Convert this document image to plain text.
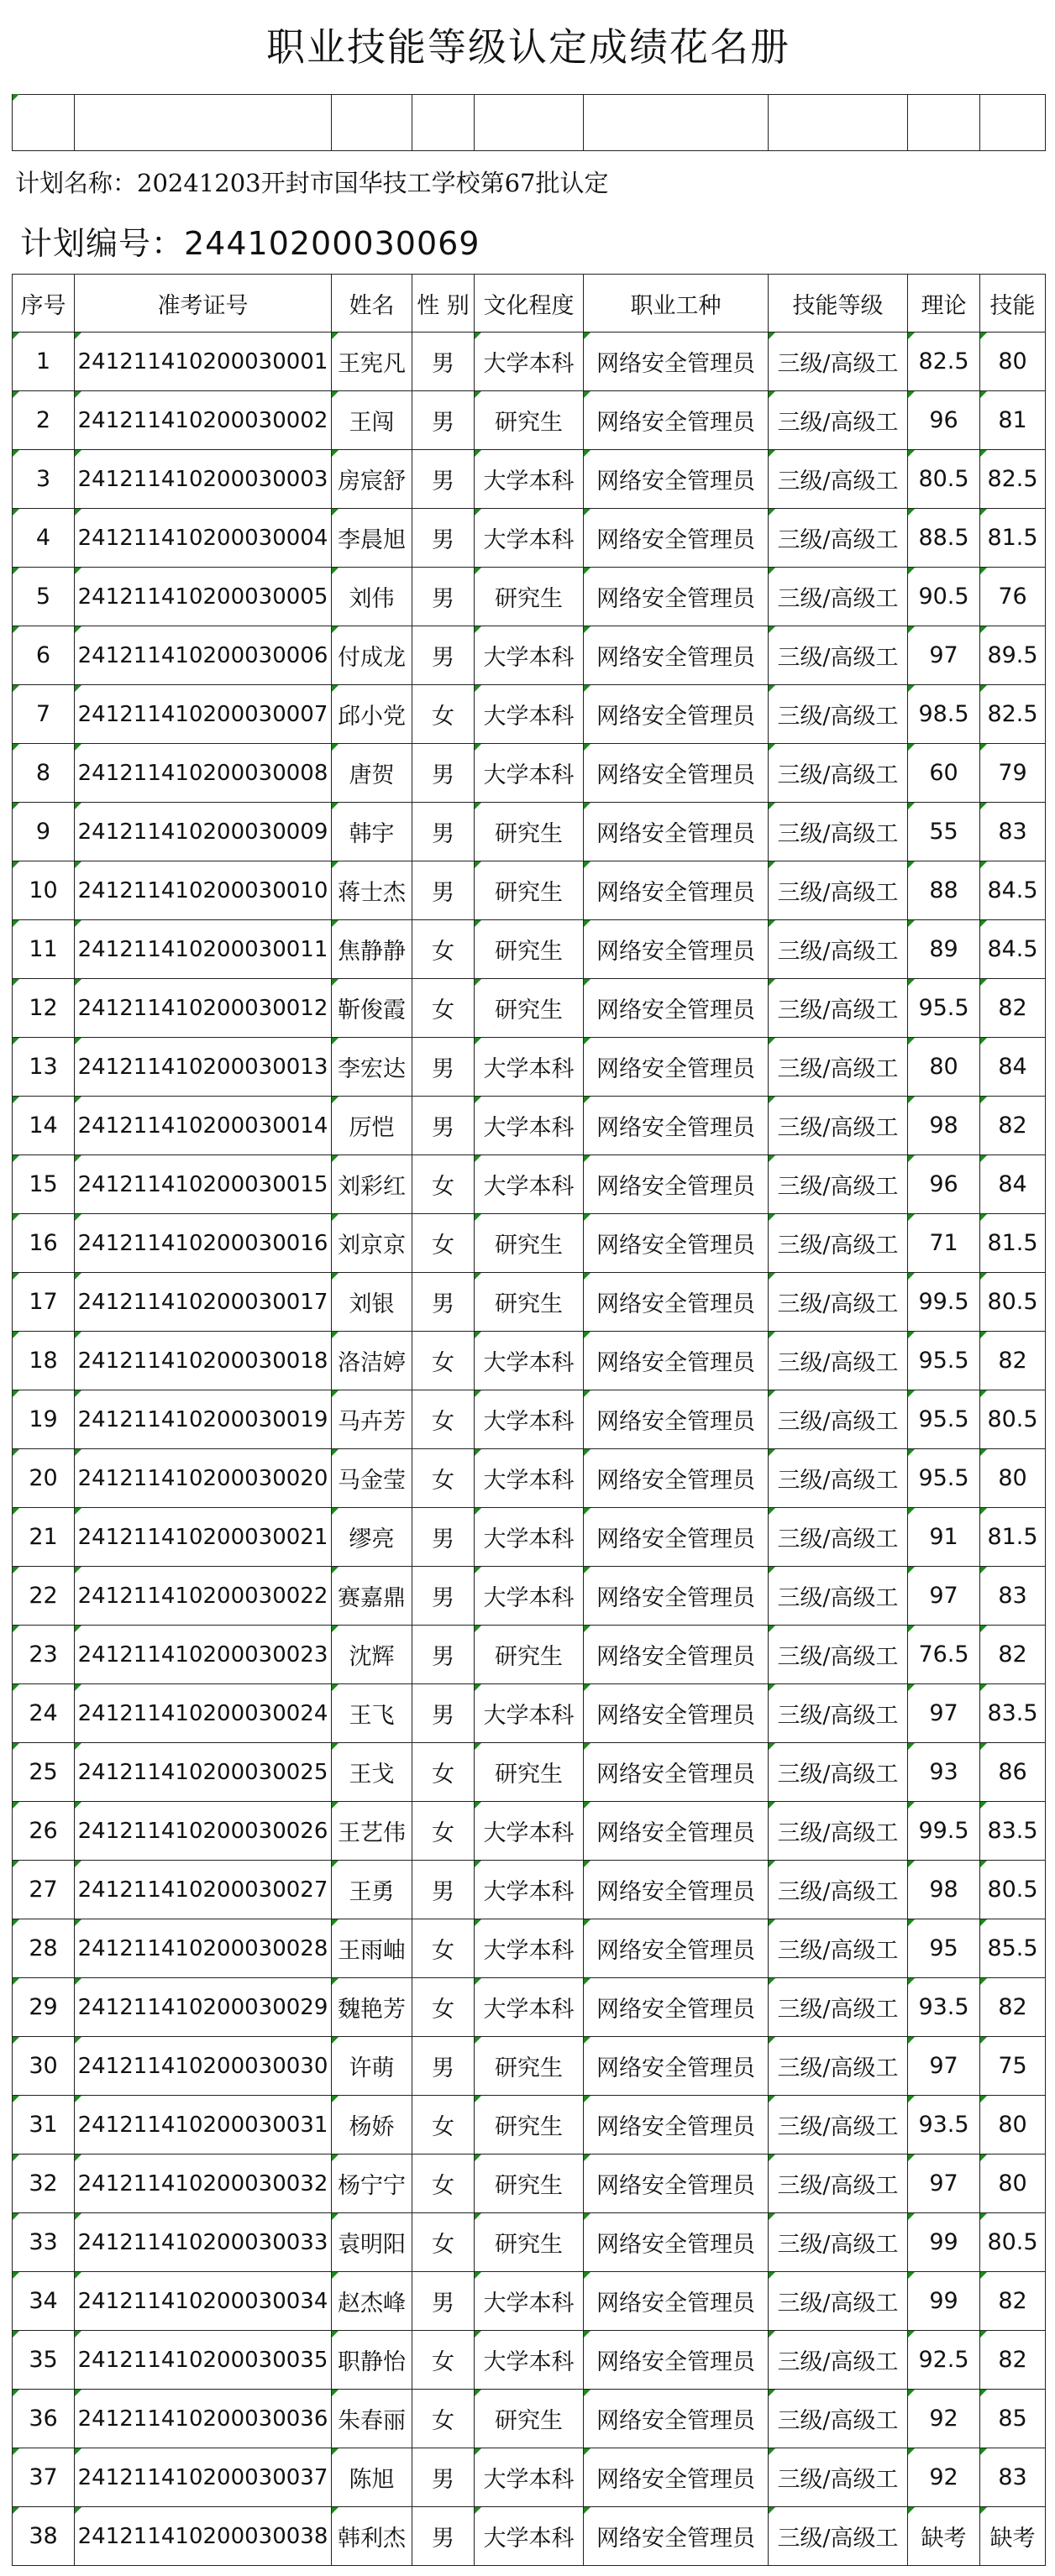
职业技能等级认定成绩花名册

计划名称：20241203开封市国华技工学校第67批认定
计划编号：24410200030069
序号	准考证号	姓名	性 别	文化程度	职业工种	技能等级	理论	技能
1	241211410200030001	王宪凡	男	大学本科	网络安全管理员	三级/高级工	82.5	80
2	241211410200030002	王闯	男	研究生	网络安全管理员	三级/高级工	96	81
3	241211410200030003	房宸舒	男	大学本科	网络安全管理员	三级/高级工	80.5	82.5
4	241211410200030004	李晨旭	男	大学本科	网络安全管理员	三级/高级工	88.5	81.5
5	241211410200030005	刘伟	男	研究生	网络安全管理员	三级/高级工	90.5	76
6	241211410200030006	付成龙	男	大学本科	网络安全管理员	三级/高级工	97	89.5
7	241211410200030007	邱小党	女	大学本科	网络安全管理员	三级/高级工	98.5	82.5
8	241211410200030008	唐贺	男	大学本科	网络安全管理员	三级/高级工	60	79
9	241211410200030009	韩宇	男	研究生	网络安全管理员	三级/高级工	55	83
10	241211410200030010	蒋士杰	男	研究生	网络安全管理员	三级/高级工	88	84.5
11	241211410200030011	焦静静	女	研究生	网络安全管理员	三级/高级工	89	84.5
12	241211410200030012	靳俊霞	女	研究生	网络安全管理员	三级/高级工	95.5	82
13	241211410200030013	李宏达	男	大学本科	网络安全管理员	三级/高级工	80	84
14	241211410200030014	厉恺	男	大学本科	网络安全管理员	三级/高级工	98	82
15	241211410200030015	刘彩红	女	大学本科	网络安全管理员	三级/高级工	96	84
16	241211410200030016	刘京京	女	研究生	网络安全管理员	三级/高级工	71	81.5
17	241211410200030017	刘银	男	研究生	网络安全管理员	三级/高级工	99.5	80.5
18	241211410200030018	洛洁婷	女	大学本科	网络安全管理员	三级/高级工	95.5	82
19	241211410200030019	马卉芳	女	大学本科	网络安全管理员	三级/高级工	95.5	80.5
20	241211410200030020	马金莹	女	大学本科	网络安全管理员	三级/高级工	95.5	80
21	241211410200030021	缪亮	男	大学本科	网络安全管理员	三级/高级工	91	81.5
22	241211410200030022	赛嘉鼎	男	大学本科	网络安全管理员	三级/高级工	97	83
23	241211410200030023	沈辉	男	研究生	网络安全管理员	三级/高级工	76.5	82
24	241211410200030024	王飞	男	大学本科	网络安全管理员	三级/高级工	97	83.5
25	241211410200030025	王戈	女	研究生	网络安全管理员	三级/高级工	93	86
26	241211410200030026	王艺伟	女	大学本科	网络安全管理员	三级/高级工	99.5	83.5
27	241211410200030027	王勇	男	大学本科	网络安全管理员	三级/高级工	98	80.5
28	241211410200030028	王雨岫	女	大学本科	网络安全管理员	三级/高级工	95	85.5
29	241211410200030029	魏艳芳	女	大学本科	网络安全管理员	三级/高级工	93.5	82
30	241211410200030030	许萌	男	研究生	网络安全管理员	三级/高级工	97	75
31	241211410200030031	杨娇	女	研究生	网络安全管理员	三级/高级工	93.5	80
32	241211410200030032	杨宁宁	女	研究生	网络安全管理员	三级/高级工	97	80
33	241211410200030033	袁明阳	女	研究生	网络安全管理员	三级/高级工	99	80.5
34	241211410200030034	赵杰峰	男	大学本科	网络安全管理员	三级/高级工	99	82
35	241211410200030035	职静怡	女	大学本科	网络安全管理员	三级/高级工	92.5	82
36	241211410200030036	朱春丽	女	研究生	网络安全管理员	三级/高级工	92	85
37	241211410200030037	陈旭	男	大学本科	网络安全管理员	三级/高级工	92	83
38	241211410200030038	韩利杰	男	大学本科	网络安全管理员	三级/高级工	缺考	缺考
